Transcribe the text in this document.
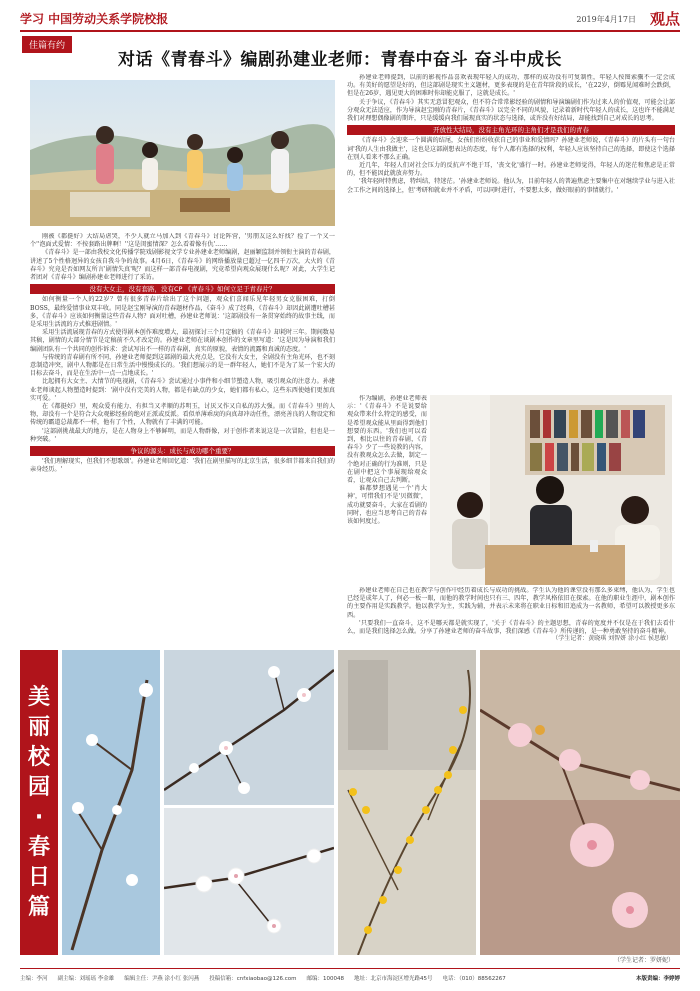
学习 中国劳动关系学院校报	2019年4月17日 观点
佳篇有约
对话《青春斗》编剧孙建业老师：青春中奋斗 奋斗中成长

刚被《都挺好》大结局虐哭，不少人就立马加入到《青春斗》讨论阵营，'男朋友这么好找？捡了一个又一个''泡面式爱情：不按套路出牌啊！''这是闺蜜情深？怎么看着像有仇'……

《青春斗》是一部由我校文化传播学院戏剧影视文学专业孙建业老师编剧，赵丽颖监制并领衔主演的青春剧，讲述了5个性格迥异的女孩自我斗争的故事。4月6日，《青春斗》的网络播放量已超过一亿四千万次，大火的《青春斗》究竟是否如网友所言'剧情失真'呢？而这样一部青春电视剧，究竟希望向观众展现什么呢？对此，大学生记者团对《青春斗》编剧孙建业老师进行了采访。

没有大女主，没有套路，没有CP 《青春斗》如何立足于青春片？

如何衡量一个人的22岁？曾有很多青春片给出了这个问题，观众们喜闻乐见年轻男女克服困难，打倒BOSS，最终爱情事业双丰收。同是赵宝刚导演的青春题材作品，《奋斗》成了经典，《青春斗》却因此剧遭吐槽甚多，《青春斗》应该如何衡量这些青春人物？面对吐槽，孙建业老师说：'这部剧没有一条贯穿始终的故事主线，而是采用生活流的方式推进剧情。'

采用生活流展现青春的方式使得剧本创作难度增大，最初探讨三个月定稿的《青春斗》却耗时三年。期间数易其稿，剧情的大部分情节是定稿前不久才改定的。孙建业老师在谈剧本创作的文章里写道：'这是因为导演和我们编剧团队有一个共同的创作诉求：尝试写出不一样的青春剧，真实的原貌，表情的流露和真诚的态度。'

与传统的青春剧有所不同，孙建业老师提到这部剧的最大亮点是，它没有大女主，全剧没有主角光环，也不刻意制造冲突，剧中人物都是在日常生活中慢慢成长的。'我们想展示的是一群年轻人，她们不是为了某一个宏大的目标去奋斗，而是在生活中一点一点地成长。'

比起拥有大女主、大情节的电视剧，《青春斗》尝试通过小事件和小细节塑造人物，吸引观众的注意力。孙建业老师谈起人物塑造时提到：'剧中没有完美的人物，都是有缺点的少女，她们都有私心，这些东西使她们更加真实可爱。'

在《都挺好》里，观众爱有能力、有担当又孝顺的苏明玉，讨厌又作又自私的苏大强。而《青春斗》里的人物，却没有一个是符合大众观影经验的绝对正派或反派。看似单薄乖戾的向真却冲动任性，漂亮善良的人物设定和传统的霸道总裁都不一样，他有了个性，人物就有了丰满的可能。

'这部剧挑战最大的地方，是在人物身上不够鲜明，而是人物群像，对于创作者来说这是一次冒险，但也是一种突破。'

争议的源头：成长与成功哪个重要？

'我们理解现实，但我们不想歌颂'。孙建业老师回忆道：'我们在剧里描写的北京生活，很多细节都来自我们的亲身经历。'

孙建业老师提到，以前的影视作品喜欢表现年轻人的成功，那样的成功没有可复制性，年轻人按图索骥不一定会成功。有美好的愿望是好的，但这部剧是现实主义题材，更多表现的是在青年阶段的成长，'在22岁，倒霉见闻难时会跌倒，但是在26岁，遇见更大的困难时你却能克服了，这就是成长。'

关于争议，《青春斗》其实无意冒犯观众，但不符合常常影经验的剧情和导演编剧们作为过来人的价值观，可能会让部分观众无法适应，作为导演赵宝刚的青春片，《青春斗》以完全不同的风貌，记录着新时代年轻人的成长，这也许不能满足我们对理想偶像剧的期许，只是缓缓向我们展现真实的状态与选择，或许没有好结局，却能找到自己对成长的思考。

开放性大结局，没有主角光环的主角们才是我们的青春

《青春斗》会迎来一个圆满的结尾，女孩们纷纷收获自己的事业和爱情吗？孙建业老师说，《青春斗》的片头有一句台词'我的人生由我做主'，这也是这部剧想表达的态度，每个人都有选择的权利，年轻人应该坚持自己的选择，即使这个选择在别人看来不那么正确。

近几年，年轻人们对社会压力的反抗声不绝于耳，'丧文化'盛行一时。孙建业老师觉得，年轻人的迷茫和焦虑是正常的，但不能因此就放弃努力。

'我年轻时特焦虑，特纠结，特迷茫。'孙建业老师说。他认为，目前年轻人的普遍焦虑主要集中在对继续学业与进入社会工作之间的选择上，但'考研和就业并不矛盾，可以同时进行，不要想太多，做好眼前的事情就行。'

作为编剧，孙建业老师表示：'《青春斗》不是说要给观众带来什么特定的感受，而是希望观众能从里面得到他们想要的东西。'我们也可以看到，相比以往的青春剧，《青春斗》少了一些说教的内容，没有教观众怎么去做，制定一个绝对正确的行为准则，只是在剧中把这个事展现给观众看，让观众自己去判断。

谁都梦想遇见一个'肖大神'，可惜我们不是'贝微微'，成功就要奋斗，大家在看剧的同时，也应当思考自己的青春该如何度过。

孙建业老师在自己也在教学与创作中经历着成长与成功的挑战。学生认为他的课堂没有那么多束缚，他认为，学生也已经是成年人了，何必一板一眼，而他的教学时间也只有三、四年，教学风格依旧在探索。在他的职业生涯中，剧本创作的主要作用是实践教学。他以教学为主，实践为辅，并表示未来将在职业日标和旧追成为一名教师，希望可以教授更多东西。

'只要我们一直奋斗，这不是哪天都是就实现了，'关于《青春斗》的主题思想，青春的宽度并不仅是在于我们去看什么，而是我们选择怎么做。分享了孙建业老师的奋斗故事，我们深感《青春斗》所传递的，是一种勇敢坚持的奋斗精神。

（学生记者：黄晓琪 刘智妍 涂小红 侯思敏）
美
丽
校
园
·
春
日
篇
（学生记者：罗妍妮）
主编：李河 副主编：刘瑶瑶 李金雄 编辑主任：尹燕 涂小红 张闪燕 投稿信箱：cnfxiaobao@126.com 邮编：100048 地址：北京市海淀区增光路45号 电话：（010）88562267	本版责编：李婷婷
